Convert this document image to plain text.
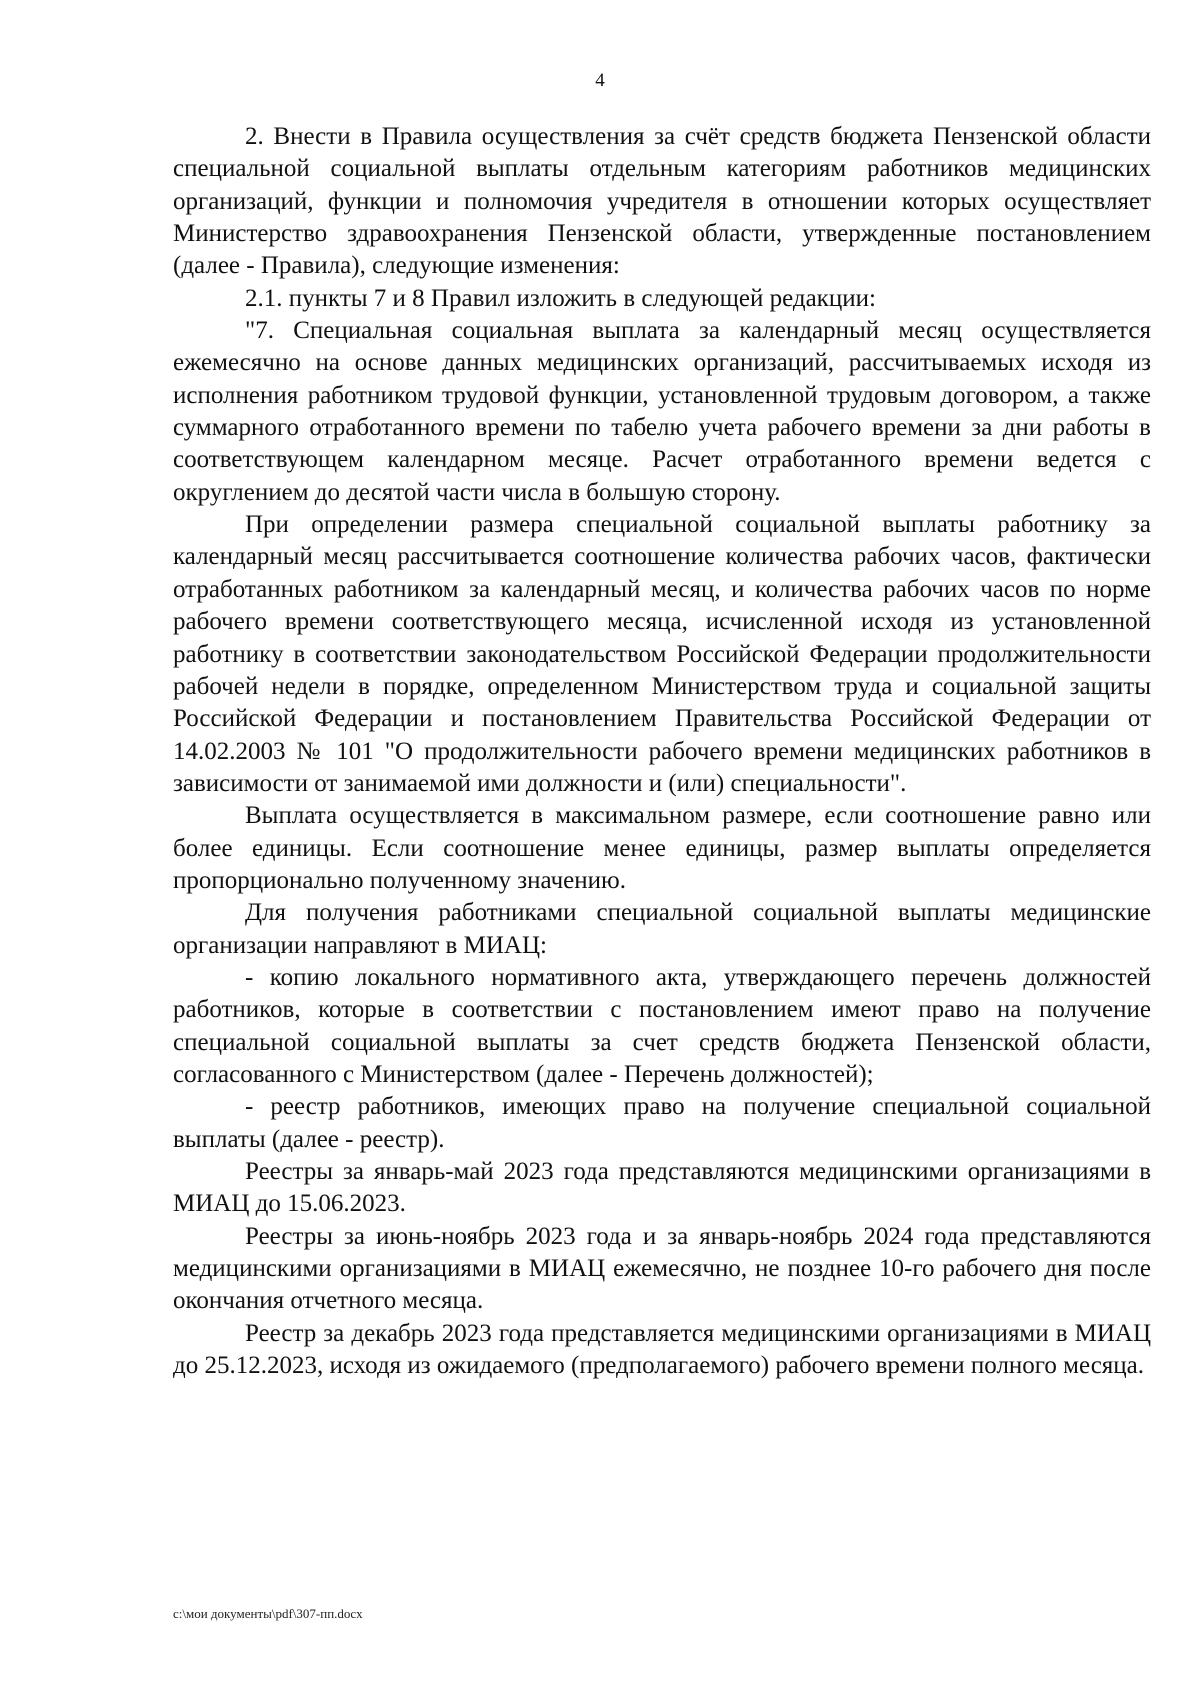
4

2. Внести в Правила осуществления за счёт средств бюджета Пензенской области специальной социальной выплаты отдельным категориям работников медицинских организаций, функции и полномочия учредителя в отношении которых осуществляет Министерство здравоохранения Пензенской области, утвержденные постановлением (далее - Правила), следующие изменения:

2.1. пункты 7 и 8 Правил изложить в следующей редакции:

"7. Специальная социальная выплата за календарный месяц осуществляется ежемесячно на основе данных медицинских организаций, рассчитываемых исходя из исполнения работником трудовой функции, установленной трудовым договором, а также суммарного отработанного времени по табелю учета рабочего времени за дни работы в соответствующем календарном месяце. Расчет отработанного времени ведется с округлением до десятой части числа в большую сторону.

При определении размера специальной социальной выплаты работнику за календарный месяц рассчитывается соотношение количества рабочих часов, фактически отработанных работником за календарный месяц, и количества рабочих часов по норме рабочего времени соответствующего месяца, исчисленной исходя из установленной работнику в соответствии законодательством Российской Федерации продолжительности рабочей недели в порядке, определенном Министерством труда и социальной защиты Российской Федерации и постановлением Правительства Российской Федерации от 14.02.2003 № 101 "О продолжительности рабочего времени медицинских работников в зависимости от занимаемой ими должности и (или) специальности".

Выплата осуществляется в максимальном размере, если соотношение равно или более единицы. Если соотношение менее единицы, размер выплаты определяется пропорционально полученному значению.

Для получения работниками специальной социальной выплаты медицинские организации направляют в МИАЦ:

- копию локального нормативного акта, утверждающего перечень должностей работников, которые в соответствии с постановлением имеют право на получение специальной социальной выплаты за счет средств бюджета Пензенской области, согласованного с Министерством (далее - Перечень должностей);

- реестр работников, имеющих право на получение специальной социальной выплаты (далее - реестр).

Реестры за январь-май 2023 года представляются медицинскими организациями в МИАЦ до 15.06.2023.

Реестры за июнь-ноябрь 2023 года и за январь-ноябрь 2024 года представляются медицинскими организациями в МИАЦ ежемесячно, не позднее 10-го рабочего дня после окончания отчетного месяца.

Реестр за декабрь 2023 года представляется медицинскими организациями в МИАЦ до 25.12.2023, исходя из ожидаемого (предполагаемого) рабочего времени полного месяца.

c:\мои документы\pdf\307-пп.docx
